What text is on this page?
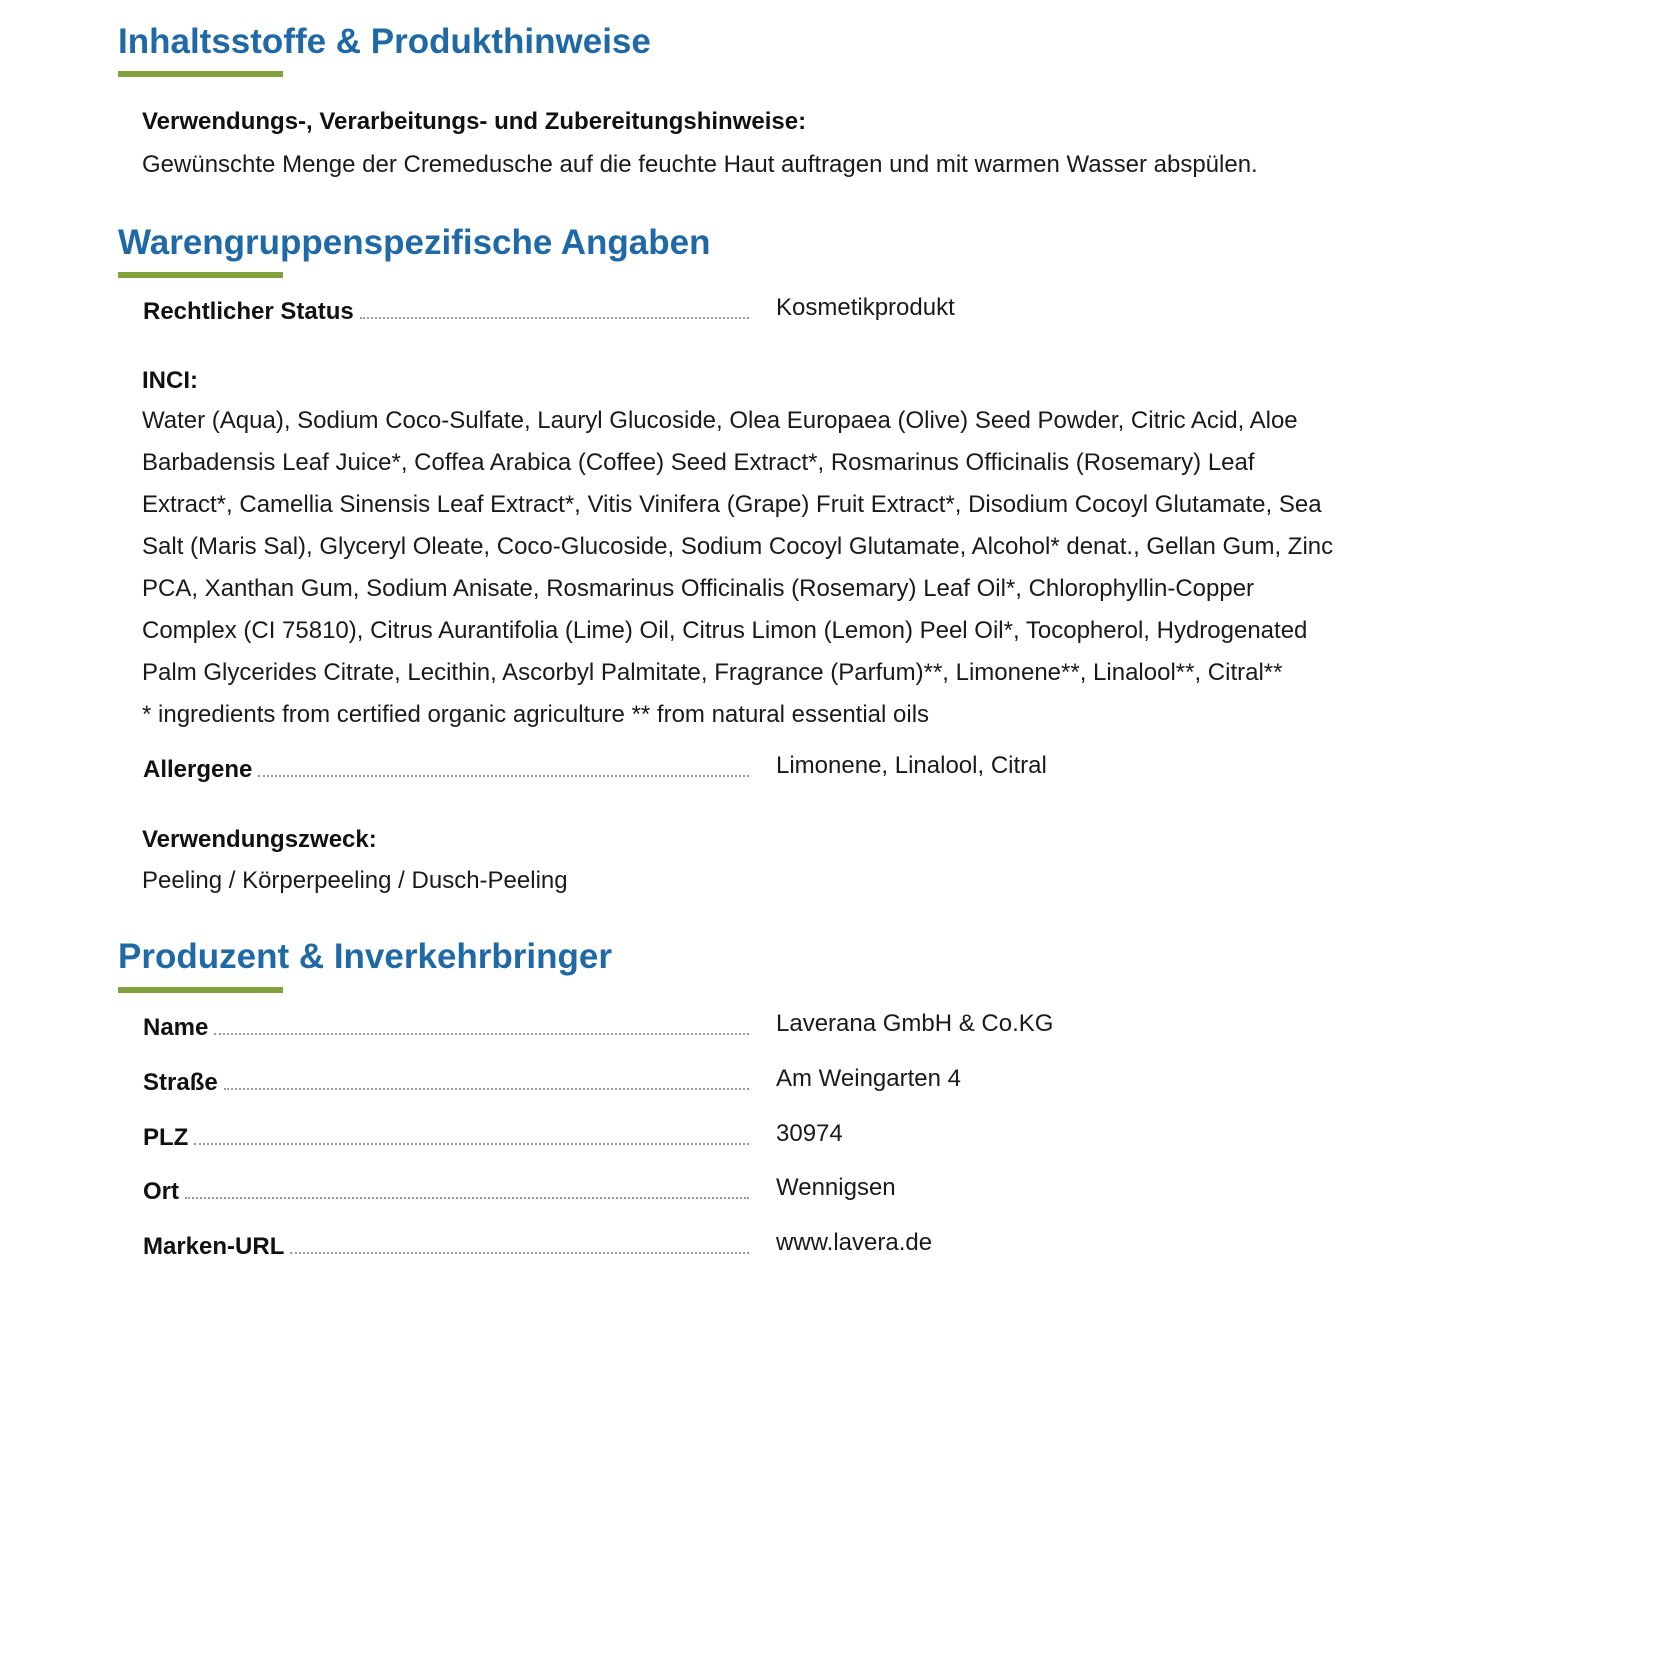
Inhaltsstoffe & Produkthinweise
Verwendungs-, Verarbeitungs- und Zubereitungshinweise:
Gewünschte Menge der Cremedusche auf die feuchte Haut auftragen und mit warmen Wasser abspülen.
Warengruppenspezifische Angaben
Rechtlicher Status	Kosmetikprodukt
INCI:
Water (Aqua), Sodium Coco-Sulfate, Lauryl Glucoside, Olea Europaea (Olive) Seed Powder, Citric Acid, Aloe
Barbadensis Leaf Juice*, Coffea Arabica (Coffee) Seed Extract*, Rosmarinus Officinalis (Rosemary) Leaf
Extract*, Camellia Sinensis Leaf Extract*, Vitis Vinifera (Grape) Fruit Extract*, Disodium Cocoyl Glutamate, Sea
Salt (Maris Sal), Glyceryl Oleate, Coco-Glucoside, Sodium Cocoyl Glutamate, Alcohol* denat., Gellan Gum, Zinc
PCA, Xanthan Gum, Sodium Anisate, Rosmarinus Officinalis (Rosemary) Leaf Oil*, Chlorophyllin-Copper
Complex (CI 75810), Citrus Aurantifolia (Lime) Oil, Citrus Limon (Lemon) Peel Oil*, Tocopherol, Hydrogenated
Palm Glycerides Citrate, Lecithin, Ascorbyl Palmitate, Fragrance (Parfum)**, Limonene**, Linalool**, Citral**
* ingredients from certified organic agriculture ** from natural essential oils
Allergene	Limonene, Linalool, Citral
Verwendungszweck:
Peeling / Körperpeeling / Dusch-Peeling
Produzent & Inverkehrbringer
Name	Laverana GmbH & Co.KG
Straße	Am Weingarten 4
PLZ	30974
Ort	Wennigsen
Marken-URL	www.lavera.de
